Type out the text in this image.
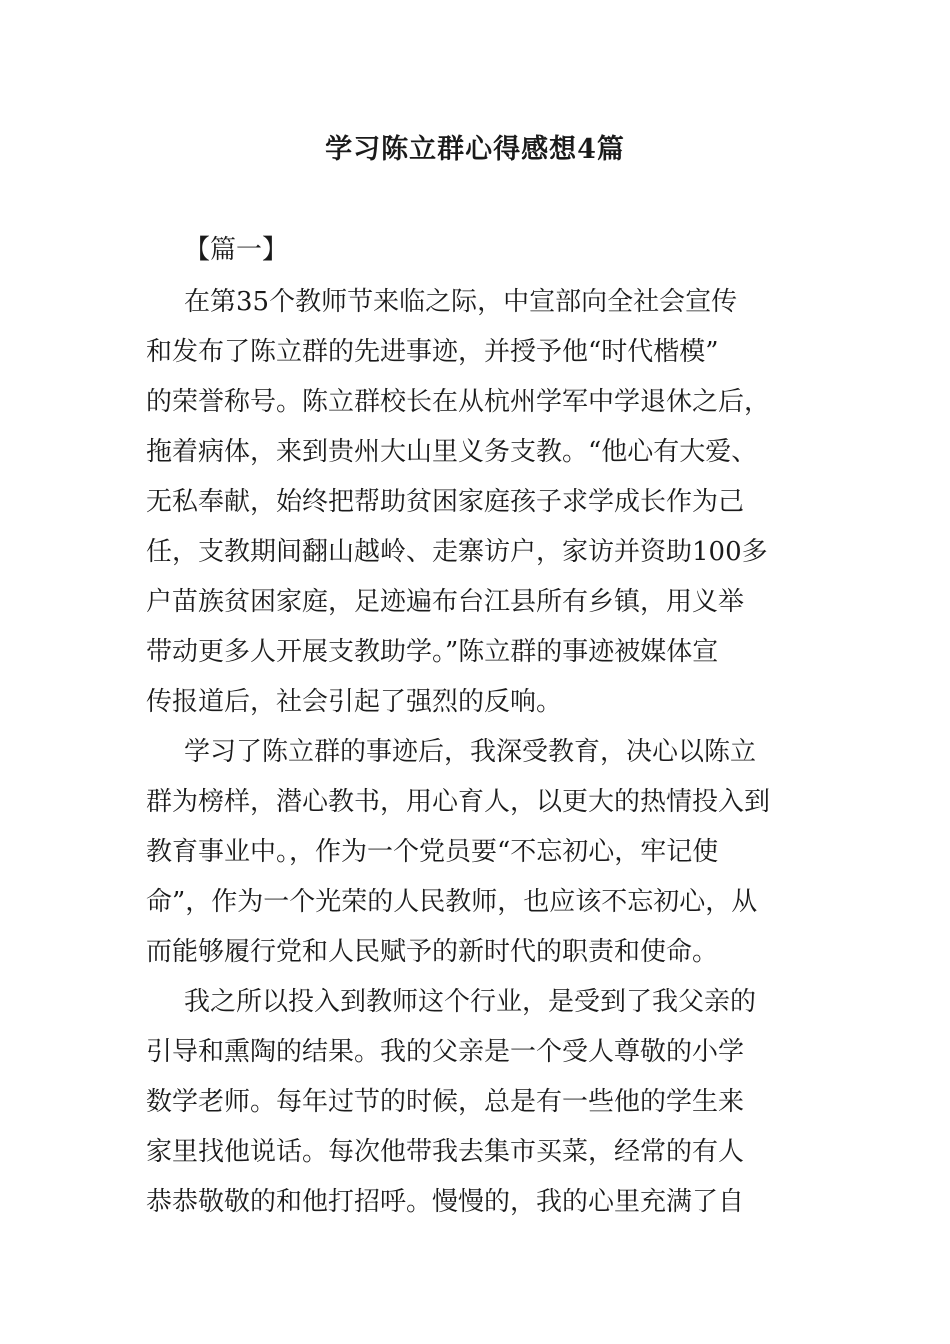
学习陈立群心得感想4篇
【篇一】
在第35个教师节来临之际，中宣部向全社会宣传
和发布了陈立群的先进事迹，并授予他“时代楷模”
的荣誉称号。陈立群校长在从杭州学军中学退休之后，
拖着病体，来到贵州大山里义务支教。“他心有大爱、
无私奉献，始终把帮助贫困家庭孩子求学成长作为己
任，支教期间翻山越岭、走寨访户，家访并资助100多
户苗族贫困家庭，足迹遍布台江县所有乡镇，用义举
带动更多人开展支教助学。”陈立群的事迹被媒体宣
传报道后，社会引起了强烈的反响。
学习了陈立群的事迹后，我深受教育，决心以陈立
群为榜样，潜心教书，用心育人，以更大的热情投入到
教育事业中。，作为一个党员要“不忘初心，牢记使
命”，作为一个光荣的人民教师，也应该不忘初心，从
而能够履行党和人民赋予的新时代的职责和使命。
我之所以投入到教师这个行业，是受到了我父亲的
引导和熏陶的结果。我的父亲是一个受人尊敬的小学
数学老师。每年过节的时候，总是有一些他的学生来
家里找他说话。每次他带我去集市买菜，经常的有人
恭恭敬敬的和他打招呼。慢慢的，我的心里充满了自
